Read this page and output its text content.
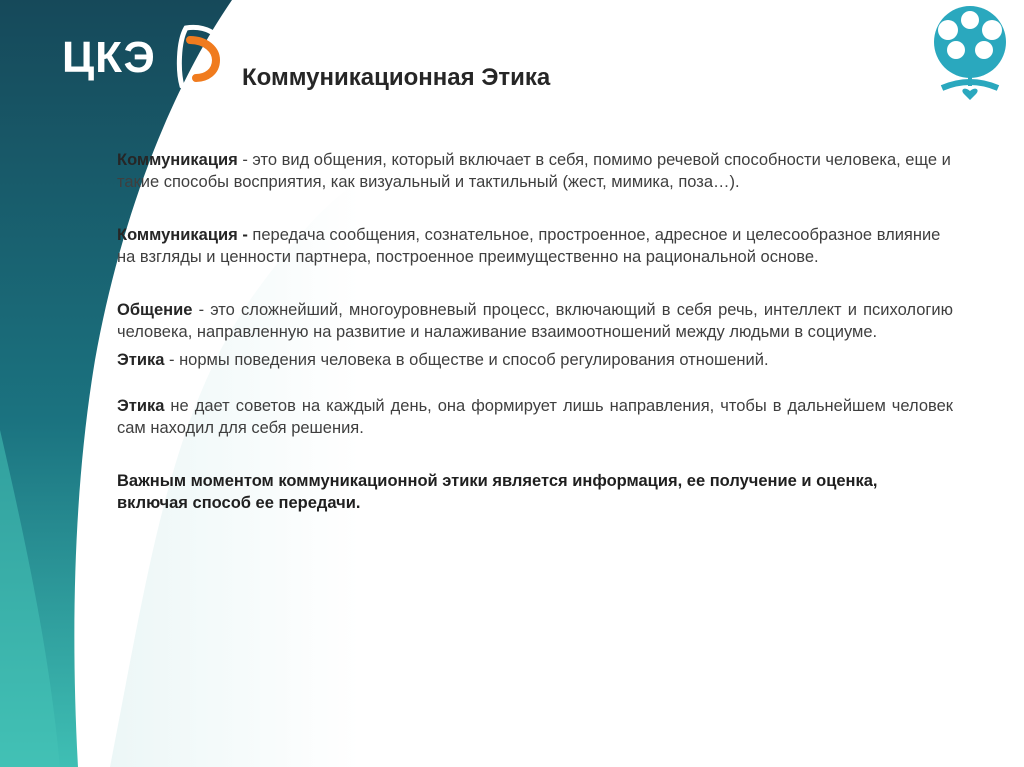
ЦКЭ	Коммуникационная Этика

Коммуникация - это вид общения, который включает в себя, помимо речевой способности человека, еще и такие способы восприятия, как визуальный и тактильный (жест, мимика, поза…).

Коммуникация - передача сообщения, сознательное, простроенное, адресное и целесообразное влияние на взгляды и ценности партнера, построенное преимущественно на рациональной основе.

Общение - это сложнейший, многоуровневый процесс, включающий в себя речь, интеллект и психологию человека, направленную на развитие и налаживание взаимоотношений между людьми в социуме.

Этика - нормы поведения человека в обществе и способ регулирования отношений.

Этика не дает советов на каждый день, она формирует лишь направления, чтобы в дальнейшем человек сам находил для себя решения.

Важным моментом коммуникационной этики является информация, ее получение и оценка, включая способ ее передачи.
